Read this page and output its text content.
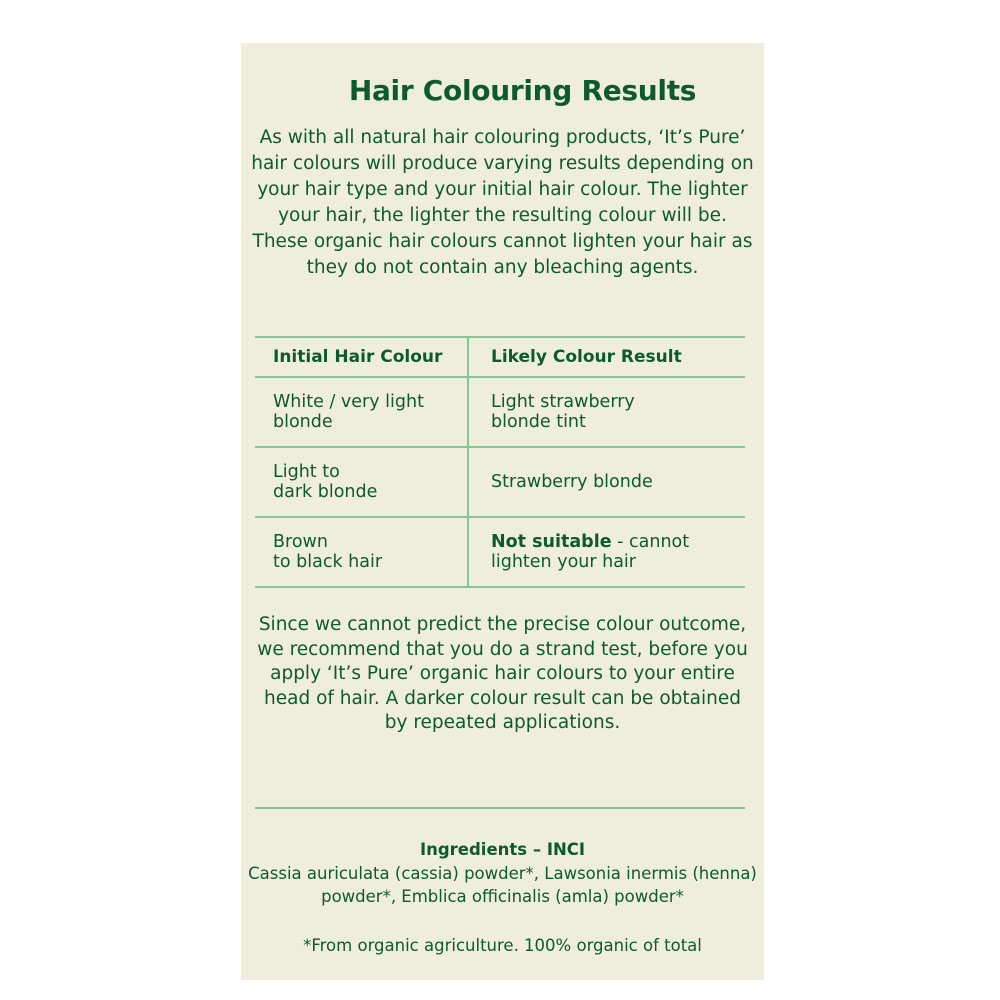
Hair Colouring Results

As with all natural hair colouring products, ‘It’s Pure’ hair colours will produce varying results depending on your hair type and your initial hair colour. The lighter your hair, the lighter the resulting colour will be. These organic hair colours cannot lighten your hair as they do not contain any bleaching agents.

Initial Hair Colour	Likely Colour Result
White / very light
blonde
Light strawberry
blonde tint
Light to
dark blonde	Strawberry blonde
Brown
to black hair
Not suitable - cannot
lighten your hair

Since we cannot predict the precise colour outcome, we recommend that you do a strand test, before you apply ‘It’s Pure’ organic hair colours to your entire head of hair. A darker colour result can be obtained by repeated applications.

Ingredients – INCI

Cassia auriculata (cassia) powder*, Lawsonia inermis (henna) powder*, Emblica officinalis (amla) powder*

*From organic agriculture. 100% organic of total
